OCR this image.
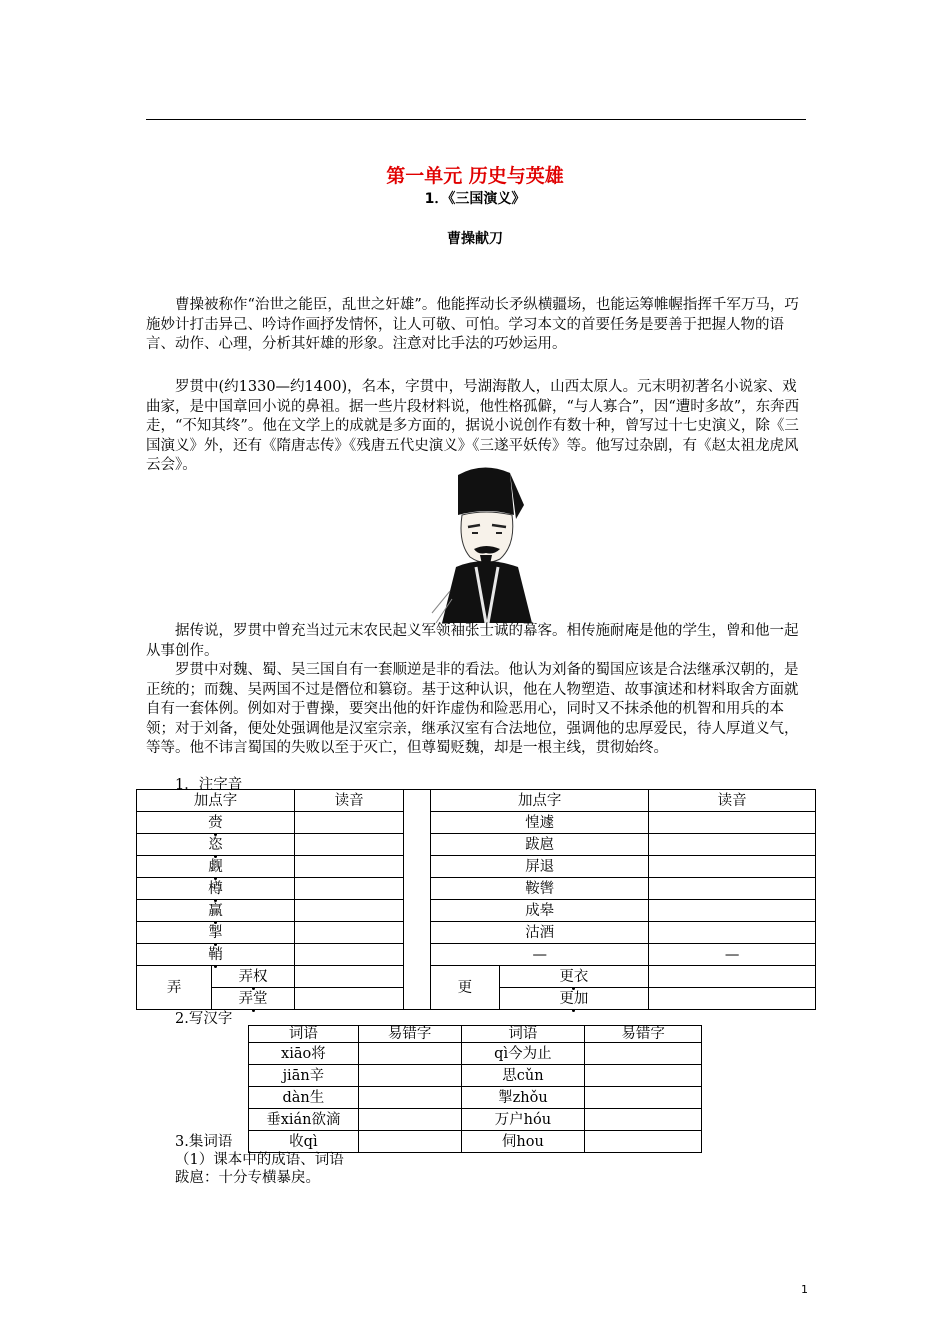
第一单元 历史与英雄
1．《三国演义》
曹操献刀

曹操被称作“治世之能臣，乱世之奸雄”。他能挥动长矛纵横疆场，也能运筹帷幄指挥千军万马，巧施妙计打击异己、吟诗作画抒发情怀，让人可敬、可怕。学习本文的首要任务是要善于把握人物的语言、动作、心理，分析其奸雄的形象。注意对比手法的巧妙运用。

罗贯中(约1330—约1400)，名本，字贯中，号湖海散人，山西太原人。元末明初著名小说家、戏曲家，是中国章回小说的鼻祖。据一些片段材料说，他性格孤僻，“与人寡合”，因“遭时多故”，东奔西走，“不知其终”。他在文学上的成就是多方面的，据说小说创作有数十种，曾写过十七史演义，除《三国演义》外，还有《隋唐志传》《残唐五代史演义》《三遂平妖传》等。他写过杂剧，有《赵太祖龙虎风云会》。

据传说，罗贯中曾充当过元末农民起义军领袖张士诚的幕客。相传施耐庵是他的学生，曾和他一起从事创作。

罗贯中对魏、蜀、吴三国自有一套顺逆是非的看法。他认为刘备的蜀国应该是合法继承汉朝的，是正统的；而魏、吴两国不过是僭位和篡窃。基于这种认识，他在人物塑造、故事演述和材料取舍方面就自有一套体例。例如对于曹操，要突出他的奸诈虚伪和险恶用心，同时又不抹杀他的机智和用兵的本领；对于刘备，便处处强调他是汉室宗亲，继承汉室有合法地位，强调他的忠厚爱民，待人厚道义气，等等。他不讳言蜀国的失败以至于灭亡，但尊蜀贬魏，却是一根主线，贯彻始终。

1．注字音
加点字		读音		加点字		读音
赍				惶遽		
恣				跋扈		
觑				屏退		
樽				鞍辔		
赢				成皋		
掣				沽酒		
鞘				—		—
弄	弄权			更	更衣	
	弄堂				更加	
2.写汉字
词语	易错字	词语	易错字
xiāo将		qì今为止	
jiān辛		思cǔn	
dàn生		掣zhǒu	
垂xián欲滴		万户hóu	
收qì		伺hou	
3.集词语
（1）课本中的成语、词语
跋扈：十分专横暴戾。
1
